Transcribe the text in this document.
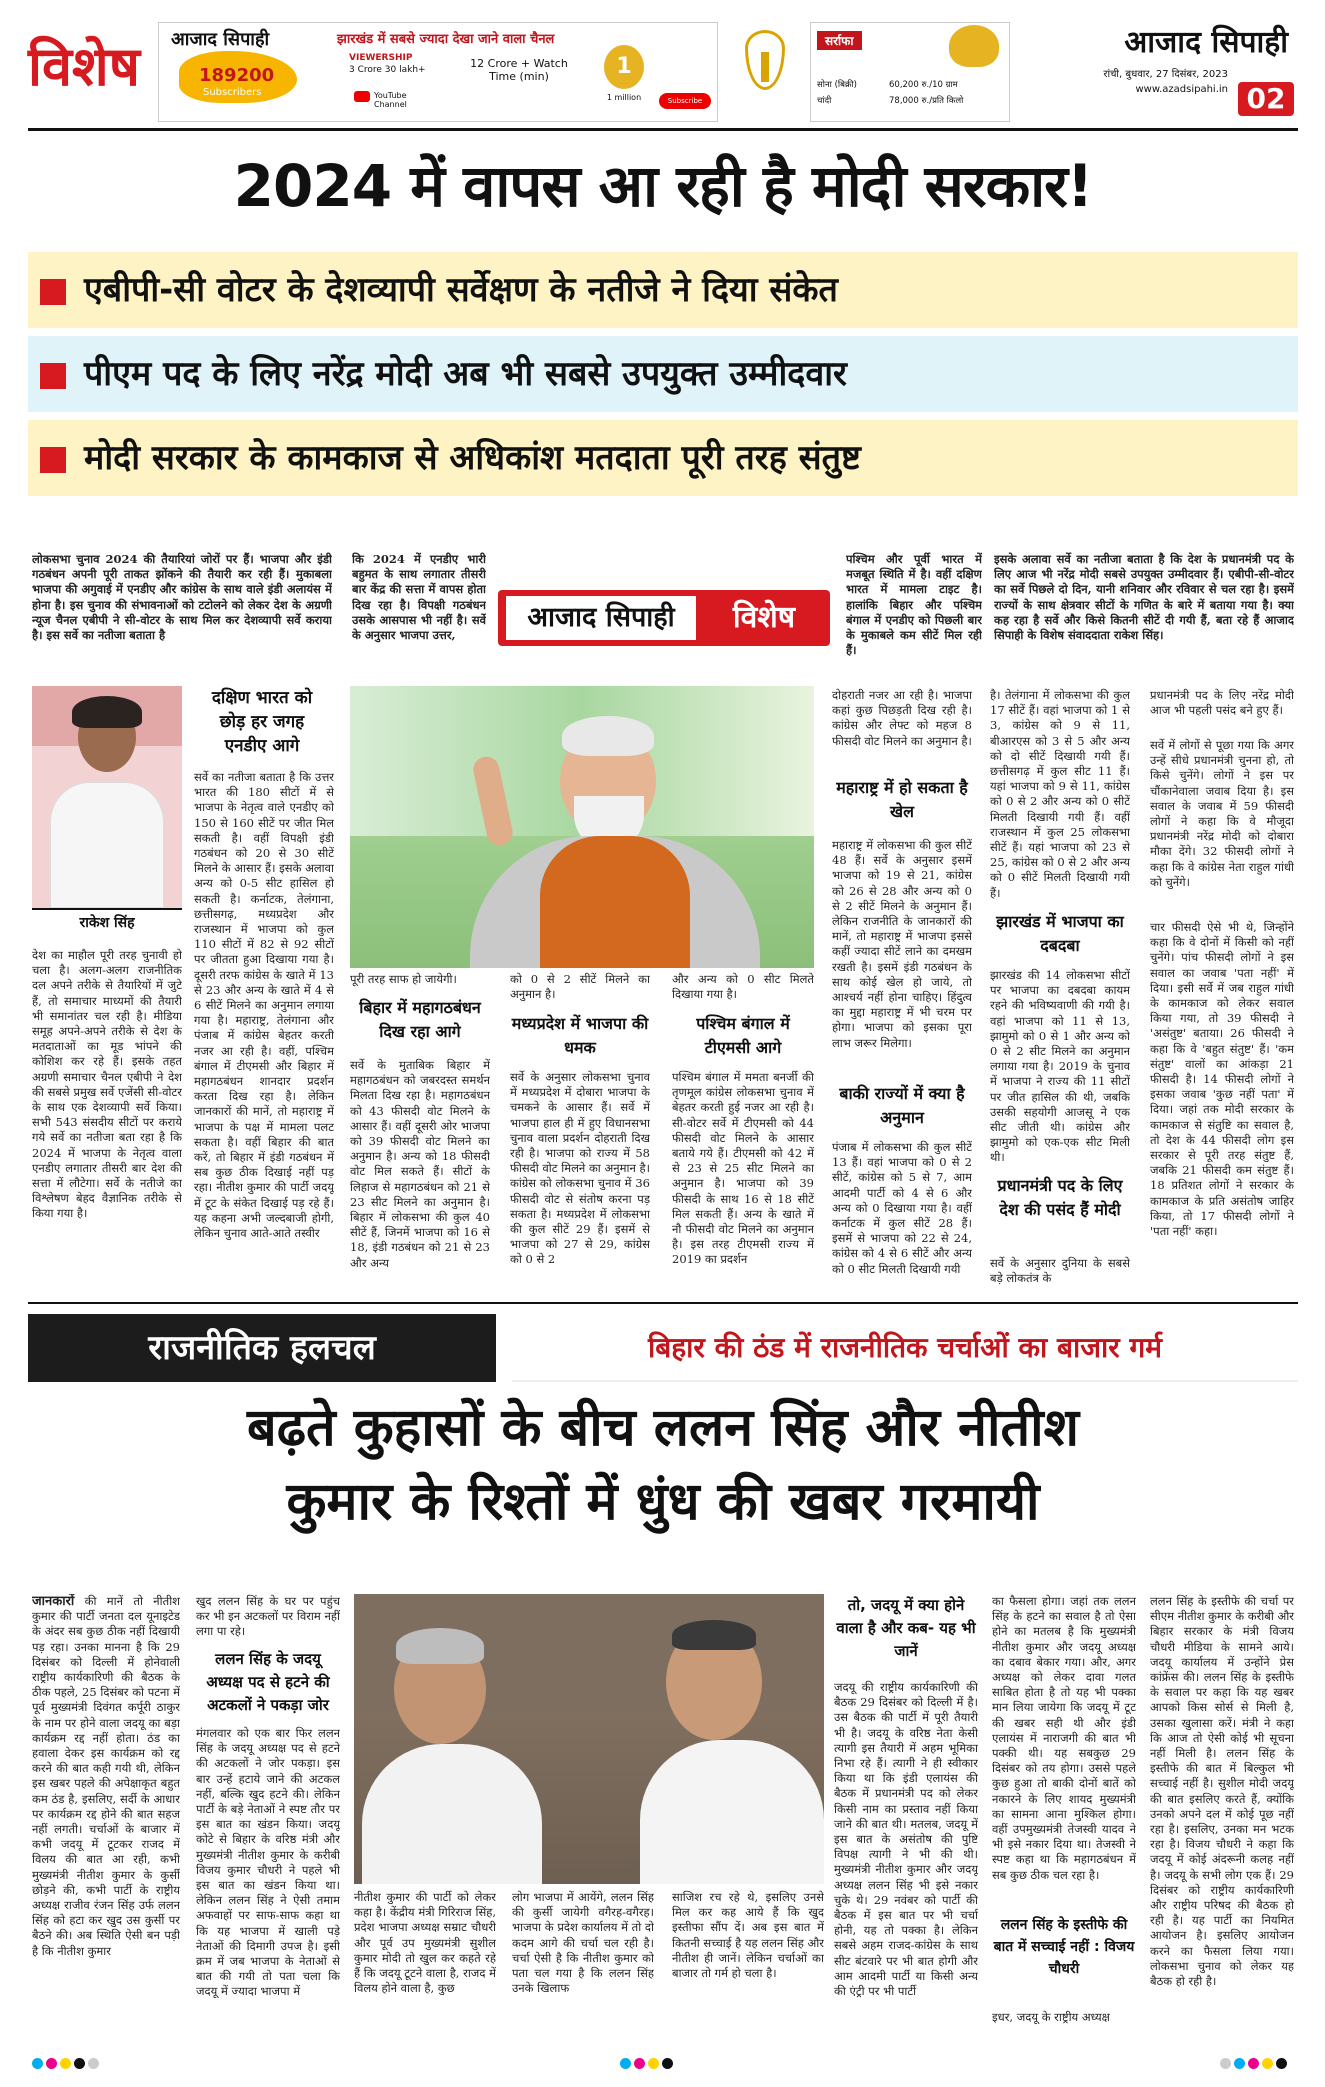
विशेष	आजाद सिपाही	झारखंड में सबसे ज्यादा देखा जाने वाला चैनल
189200
Subscribers
VIEWERSHIP
3 Crore 30 lakh+	12 Crore + Watch Time (min)
YouTube Channel
1
1 million	Subscribe NOW
सर्राफा
सोना (बिक्री)	60,200 रु./10 ग्राम
चांदी	78,000 रु./प्रति किलो
आजाद सिपाही
रांची, बुधवार, 27 दिसंबर, 2023
www.azadsipahi.in 02
2024 में वापस आ रही है मोदी सरकार!
एबीपी-सी वोटर के देशव्यापी सर्वेक्षण के नतीजे ने दिया संकेत
पीएम पद के लिए नरेंद्र मोदी अब भी सबसे उपयुक्त उम्मीदवार
मोदी सरकार के कामकाज से अधिकांश मतदाता पूरी तरह संतुष्ट
लोकसभा चुनाव 2024 की तैयारियां जोरों पर हैं। भाजपा और इंडी गठबंधन अपनी पूरी ताकत झोंकने की तैयारी कर रही हैं। मुकाबला भाजपा की अगुवाई में एनडीए और कांग्रेस के साथ वाले इंडी अलायंस में होना है। इस चुनाव की संभावनाओं को टटोलने को लेकर देश के अग्रणी न्यूज चैनल एबीपी ने सी-वोटर के साथ मिल कर देशव्यापी सर्वे कराया है। इस सर्वे का नतीजा बताता है
कि 2024 में एनडीए भारी बहुमत के साथ लगातार तीसरी बार केंद्र की सत्ता में वापस होता दिख रहा है। विपक्षी गठबंधन उसके आसपास भी नहीं है। सर्वे के अनुसार भाजपा उत्तर,
आजाद सिपाही	विशेष
पश्चिम और पूर्वी भारत में मजबूत स्थिति में है। वहीं दक्षिण भारत में मामला टाइट है। हालांकि बिहार और पश्चिम बंगाल में एनडीए को पिछली बार के मुकाबले कम सीटें मिल रही हैं।
इसके अलावा सर्वे का नतीजा बताता है कि देश के प्रधानमंत्री पद के लिए आज भी नरेंद्र मोदी सबसे उपयुक्त उम्मीदवार हैं। एबीपी-सी-वोटर का सर्वे पिछले दो दिन, यानी शनिवार और रविवार से चल रहा है। इसमें राज्यों के साथ क्षेत्रवार सीटों के गणित के बारे में बताया गया है। क्या कह रहा है सर्वे और किसे कितनी सीटें दी गयी हैं, बता रहे हैं आजाद सिपाही के विशेष संवाददाता राकेश सिंह।
राकेश सिंह
देश का माहौल पूरी तरह चुनावी हो चला है। अलग-अलग राजनीतिक दल अपने तरीके से तैयारियों में जुटे हैं, तो समाचार माध्यमों की तैयारी भी समानांतर चल रही है। मीडिया समूह अपने-अपने तरीके से देश के मतदाताओं का मूड भांपने की कोशिश कर रहे हैं। इसके तहत अग्रणी समाचार चैनल एबीपी ने देश की सबसे प्रमुख सर्वे एजेंसी सी-वोटर के साथ एक देशव्यापी सर्वे किया। सभी 543 संसदीय सीटों पर कराये गये सर्वे का नतीजा बता रहा है कि 2024 में भाजपा के नेतृत्व वाला एनडीए लगातार तीसरी बार देश की सत्ता में लौटेगा। सर्वे के नतीजे का विश्लेषण बेहद वैज्ञानिक तरीके से किया गया है।
दक्षिण भारत को छोड़ हर जगह एनडीए आगे
सर्वे का नतीजा बताता है कि उत्तर भारत की 180 सीटों में से भाजपा के नेतृत्व वाले एनडीए को 150 से 160 सीटें पर जीत मिल सकती है। वहीं विपक्षी इंडी गठबंधन को 20 से 30 सीटें मिलने के आसार हैं। इसके अलावा अन्य को 0-5 सीट हासिल हो सकती है। कर्नाटक, तेलंगाना, छत्तीसगढ़, मध्यप्रदेश और राजस्थान में भाजपा को कुल 110 सीटों में 82 से 92 सीटों पर जीतता हुआ दिखाया गया है। दूसरी तरफ कांग्रेस के खाते में 13 से 23 और अन्य के खाते में 4 से 6 सीटें मिलने का अनुमान लगाया गया है। महाराष्ट्र, तेलंगाना और पंजाब में कांग्रेस बेहतर करती नजर आ रही है। वहीं, पश्चिम बंगाल में टीएमसी और बिहार में महागठबंधन शानदार प्रदर्शन करता दिख रहा है। लेकिन जानकारों की मानें, तो महाराष्ट्र में भाजपा के पक्ष में मामला पलट सकता है। वहीं बिहार की बात करें, तो बिहार में इंडी गठबंधन में सब कुछ ठीक दिखाई नहीं पड़ रहा। नीतीश कुमार की पार्टी जदयू में टूट के संकेत दिखाई पड़ रहे हैं। यह कहना अभी जल्दबाजी होगी, लेकिन चुनाव आते-आते तस्वीर
पूरी तरह साफ हो जायेगी।
बिहार में महागठबंधन दिख रहा आगे
सर्वे के मुताबिक बिहार में महागठबंधन को जबरदस्त समर्थन मिलता दिख रहा है। महागठबंधन को 43 फीसदी वोट मिलने के आसार हैं। वहीं दूसरी ओर भाजपा को 39 फीसदी वोट मिलने का अनुमान है। अन्य को 18 फीसदी वोट मिल सकते हैं। सीटों के लिहाज से महागठबंधन को 21 से 23 सीट मिलने का अनुमान है। बिहार में लोकसभा की कुल 40 सीटें हैं, जिनमें भाजपा को 16 से 18, इंडी गठबंधन को 21 से 23 और अन्य
को 0 से 2 सीटें मिलने का अनुमान है।
मध्यप्रदेश में भाजपा की धमक
सर्वे के अनुसार लोकसभा चुनाव में मध्यप्रदेश में दोबारा भाजपा के चमकने के आसार हैं। सर्वे में भाजपा हाल ही में हुए विधानसभा चुनाव वाला प्रदर्शन दोहराती दिख रही है। भाजपा को राज्य में 58 फीसदी वोट मिलने का अनुमान है। कांग्रेस को लोकसभा चुनाव में 36 फीसदी वोट से संतोष करना पड़ सकता है। मध्यप्रदेश में लोकसभा की कुल सीटें 29 हैं। इसमें से भाजपा को 27 से 29, कांग्रेस को 0 से 2
और अन्य को 0 सीट मिलते दिखाया गया है।
पश्चिम बंगाल में टीएमसी आगे
पश्चिम बंगाल में ममता बनर्जी की तृणमूल कांग्रेस लोकसभा चुनाव में बेहतर करती हुई नजर आ रही है। सी-वोटर सर्वे में टीएमसी को 44 फीसदी वोट मिलने के आसार बताये गये हैं। टीएमसी को 42 में से 23 से 25 सीट मिलने का अनुमान है। भाजपा को 39 फीसदी के साथ 16 से 18 सीटें मिल सकती हैं। अन्य के खाते में नौ फीसदी वोट मिलने का अनुमान है। इस तरह टीएमसी राज्य में 2019 का प्रदर्शन
दोहराती नजर आ रही है। भाजपा कहां कुछ पिछड़ती दिख रही है। कांग्रेस और लेफ्ट को महज 8 फीसदी वोट मिलने का अनुमान है।
महाराष्ट्र में हो सकता है खेल
महाराष्ट्र में लोकसभा की कुल सीटें 48 हैं। सर्वे के अनुसार इसमें भाजपा को 19 से 21, कांग्रेस को 26 से 28 और अन्य को 0 से 2 सीटें मिलने के अनुमान हैं। लेकिन राजनीति के जानकारों की मानें, तो महाराष्ट्र में भाजपा इससे कहीं ज्यादा सीटें लाने का दमखम रखती है। इसमें इंडी गठबंधन के साथ कोई खेल हो जाये, तो आश्चर्य नहीं होना चाहिए। हिंदुत्व का मुद्दा महाराष्ट्र में भी चरम पर होगा। भाजपा को इसका पूरा लाभ जरूर मिलेगा।
बाकी राज्यों में क्या है अनुमान
पंजाब में लोकसभा की कुल सीटें 13 हैं। वहां भाजपा को 0 से 2 सीटें, कांग्रेस को 5 से 7, आम आदमी पार्टी को 4 से 6 और अन्य को 0 दिखाया गया है। वहीं कर्नाटक में कुल सीटें 28 हैं। इसमें से भाजपा को 22 से 24, कांग्रेस को 4 से 6 सीटें और अन्य को 0 सीट मिलती दिखायी गयी
है। तेलंगाना में लोकसभा की कुल 17 सीटें हैं। वहां भाजपा को 1 से 3, कांग्रेस को 9 से 11, बीआरएस को 3 से 5 और अन्य को दो सीटें दिखायी गयी हैं। छत्तीसगढ़ में कुल सीट 11 हैं। यहां भाजपा को 9 से 11, कांग्रेस को 0 से 2 और अन्य को 0 सीटें मिलती दिखायी गयी हैं। वहीं राजस्थान में कुल 25 लोकसभा सीटें हैं। यहां भाजपा को 23 से 25, कांग्रेस को 0 से 2 और अन्य को 0 सीटें मिलती दिखायी गयी हैं।
झारखंड में भाजपा का दबदबा
झारखंड की 14 लोकसभा सीटों पर भाजपा का दबदबा कायम रहने की भविष्यवाणी की गयी है। वहां भाजपा को 11 से 13, झामुमो को 0 से 1 और अन्य को 0 से 2 सीट मिलने का अनुमान लगाया गया है। 2019 के चुनाव में भाजपा ने राज्य की 11 सीटों पर जीत हासिल की थी, जबकि उसकी सहयोगी आजसू ने एक सीट जीती थी। कांग्रेस और झामुमो को एक-एक सीट मिली थी।
प्रधानमंत्री पद के लिए देश की पसंद हैं मोदी
सर्वे के अनुसार दुनिया के सबसे बड़े लोकतंत्र के
प्रधानमंत्री पद के लिए नरेंद्र मोदी आज भी पहली पसंद बने हुए हैं।
सर्वे में लोगों से पूछा गया कि अगर उन्हें सीधे प्रधानमंत्री चुनना हो, तो किसे चुनेंगे। लोगों ने इस पर चौंकानेवाला जवाब दिया है। इस सवाल के जवाब में 59 फीसदी लोगों ने कहा कि वे मौजूदा प्रधानमंत्री नरेंद्र मोदी को दोबारा मौका देंगे। 32 फीसदी लोगों ने कहा कि वे कांग्रेस नेता राहुल गांधी को चुनेंगे।
चार फीसदी ऐसे भी थे, जिन्होंने कहा कि वे दोनों में किसी को नहीं चुनेंगे। पांच फीसदी लोगों ने इस सवाल का जवाब 'पता नहीं' में दिया। इसी सर्वे में जब राहुल गांधी के कामकाज को लेकर सवाल किया गया, तो 39 फीसदी ने 'असंतुष्ट' बताया। 26 फीसदी ने कहा कि वे 'बहुत संतुष्ट' हैं। 'कम संतुष्ट' वालों का आंकड़ा 21 फीसदी है। 14 फीसदी लोगों ने इसका जवाब 'कुछ नहीं पता' में दिया। जहां तक मोदी सरकार के कामकाज से संतुष्टि का सवाल है, तो देश के 44 फीसदी लोग इस सरकार से पूरी तरह संतुष्ट हैं, जबकि 21 फीसदी कम संतुष्ट हैं। 18 प्रतिशत लोगों ने सरकार के कामकाज के प्रति असंतोष जाहिर किया, तो 17 फीसदी लोगों ने 'पता नहीं' कहा।
राजनीतिक हलचल	बिहार की ठंड में राजनीतिक चर्चाओं का बाजार गर्म
बढ़ते कुहासों के बीच ललन सिंह और नीतीश
कुमार के रिश्तों में धुंध की खबर गरमायी
जानकारों की मानें तो नीतीश कुमार की पार्टी जनता दल यूनाइटेड के अंदर सब कुछ ठीक नहीं दिखायी पड़ रहा। उनका मानना है कि 29 दिसंबर को दिल्ली में होनेवाली राष्ट्रीय कार्यकारिणी की बैठक के ठीक पहले, 25 दिसंबर को पटना में पूर्व मुख्यमंत्री दिवंगत कर्पूरी ठाकुर के नाम पर होने वाला जदयू का बड़ा कार्यक्रम रद्द नहीं होता। ठंड का हवाला देकर इस कार्यक्रम को रद्द करने की बात कही गयी थी, लेकिन इस खबर पहले की अपेक्षाकृत बहुत कम ठंड है, इसलिए, सर्दी के आधार पर कार्यक्रम रद्द होने की बात सहज नहीं लगती। चर्चाओं के बाजार में कभी जदयू में टूटकर राजद में विलय की बात आ रही, कभी मुख्यमंत्री नीतीश कुमार के कुर्सी छोड़ने की, कभी पार्टी के राष्ट्रीय अध्यक्ष राजीव रंजन सिंह उर्फ ललन सिंह को हटा कर खुद उस कुर्सी पर बैठने की। अब स्थिति ऐसी बन पड़ी है कि नीतीश कुमार
खुद ललन सिंह के घर पर पहुंच कर भी इन अटकलों पर विराम नहीं लगा पा रहे।
ललन सिंह के जदयू अध्यक्ष पद से हटने की अटकलों ने पकड़ा जोर
मंगलवार को एक बार फिर ललन सिंह के जदयू अध्यक्ष पद से हटने की अटकलों ने जोर पकड़ा। इस बार उन्हें हटाये जाने की अटकल नहीं, बल्कि खुद हटने की। लेकिन पार्टी के बड़े नेताओं ने स्पष्ट तौर पर इस बात का खंडन किया। जदयू कोटे से बिहार के वरिष्ठ मंत्री और मुख्यमंत्री नीतीश कुमार के करीबी विजय कुमार चौधरी ने पहले भी इस बात का खंडन किया था। लेकिन ललन सिंह ने ऐसी तमाम अफवाहों पर साफ-साफ कहा था कि यह भाजपा में खाली पड़े नेताओं की दिमागी उपज है। इसी क्रम में जब भाजपा के नेताओं से बात की गयी तो पता चला कि जदयू में ज्यादा भाजपा में
नीतीश कुमार की पार्टी को लेकर कहा है। केंद्रीय मंत्री गिरिराज सिंह, प्रदेश भाजपा अध्यक्ष सम्राट चौधरी और पूर्व उप मुख्यमंत्री सुशील कुमार मोदी तो खुल कर कहते रहे हैं कि जदयू टूटने वाला है, राजद में विलय होने वाला है, कुछ
लोग भाजपा में आयेंगे, ललन सिंह की कुर्सी जायेगी वगैरह-वगैरह। भाजपा के प्रदेश कार्यालय में तो दो कदम आगे की चर्चा चल रही है। चर्चा ऐसी है कि नीतीश कुमार को पता चल गया है कि ललन सिंह उनके खिलाफ
साजिश रच रहे थे, इसलिए उनसे मिल कर कह आये हैं कि खुद इस्तीफा सौंप दें। अब इस बात में कितनी सच्चाई है यह ललन सिंह और नीतीश ही जानें। लेकिन चर्चाओं का बाजार तो गर्म हो चला है।
तो, जदयू में क्या होने वाला है और कब- यह भी जानें
जदयू की राष्ट्रीय कार्यकारिणी की बैठक 29 दिसंबर को दिल्ली में है। उस बैठक की पार्टी में पूरी तैयारी भी है। जदयू के वरिष्ठ नेता केसी त्यागी इस तैयारी में अहम भूमिका निभा रहे हैं। त्यागी ने ही स्वीकार किया था कि इंडी एलायंस की बैठक में प्रधानमंत्री पद को लेकर किसी नाम का प्रस्ताव नहीं किया जाने की बात थी। मतलब, जदयू में इस बात के असंतोष की पुष्टि विपक्ष त्यागी ने भी की थी। मुख्यमंत्री नीतीश कुमार और जदयू अध्यक्ष ललन सिंह भी इसे नकार चुके थे। 29 नवंबर को पार्टी की बैठक में इस बात पर भी चर्चा होनी, यह तो पक्का है। लेकिन सबसे अहम राजद-कांग्रेस के साथ सीट बंटवारे पर भी बात होगी और आम आदमी पार्टी या किसी अन्य की एंट्री पर भी पार्टी
का फैसला होगा। जहां तक ललन सिंह के हटने का सवाल है तो ऐसा होने का मतलब है कि मुख्यमंत्री नीतीश कुमार और जदयू अध्यक्ष का दबाव बेकार गया। और, अगर अध्यक्ष को लेकर दावा गलत साबित होता है तो यह भी पक्का मान लिया जायेगा कि जदयू में टूट की खबर सही थी और इंडी एलायंस में नाराजगी की बात भी पक्की थी। यह सबकुछ 29 दिसंबर को तय होगा। उससे पहले कुछ हुआ तो बाकी दोनों बातें को नकारने के लिए शायद मुख्यमंत्री का सामना आना मुश्किल होगा। वहीं उपमुख्यमंत्री तेजस्वी यादव ने भी इसे नकार दिया था। तेजस्वी ने स्पष्ट कहा था कि महागठबंधन में सब कुछ ठीक चल रहा है।
ललन सिंह के इस्तीफे की बात में सच्चाई नहीं : विजय चौधरी
इधर, जदयू के राष्ट्रीय अध्यक्ष
ललन सिंह के इस्तीफे की चर्चा पर सीएम नीतीश कुमार के करीबी और बिहार सरकार के मंत्री विजय चौधरी मीडिया के सामने आये। जदयू कार्यालय में उन्होंने प्रेस कांफ्रेंस की। ललन सिंह के इस्तीफे के सवाल पर कहा कि यह खबर आपको किस सोर्स से मिली है, उसका खुलासा करें। मंत्री ने कहा कि आज तो ऐसी कोई भी सूचना नहीं मिली है। ललन सिंह के इस्तीफे की बात में बिल्कुल भी सच्चाई नहीं है। सुशील मोदी जदयू की बात इसलिए करते हैं, क्योंकि उनको अपने दल में कोई पूछ नहीं रहा है। इसलिए, उनका मन भटक रहा है। विजय चौधरी ने कहा कि जदयू में कोई अंदरूनी कलह नहीं है। जदयू के सभी लोग एक हैं। 29 दिसंबर को राष्ट्रीय कार्यकारिणी और राष्ट्रीय परिषद की बैठक हो रही है। यह पार्टी का नियमित आयोजन है। इसलिए आयोजन करने का फैसला लिया गया। लोकसभा चुनाव को लेकर यह बैठक हो रही है।
